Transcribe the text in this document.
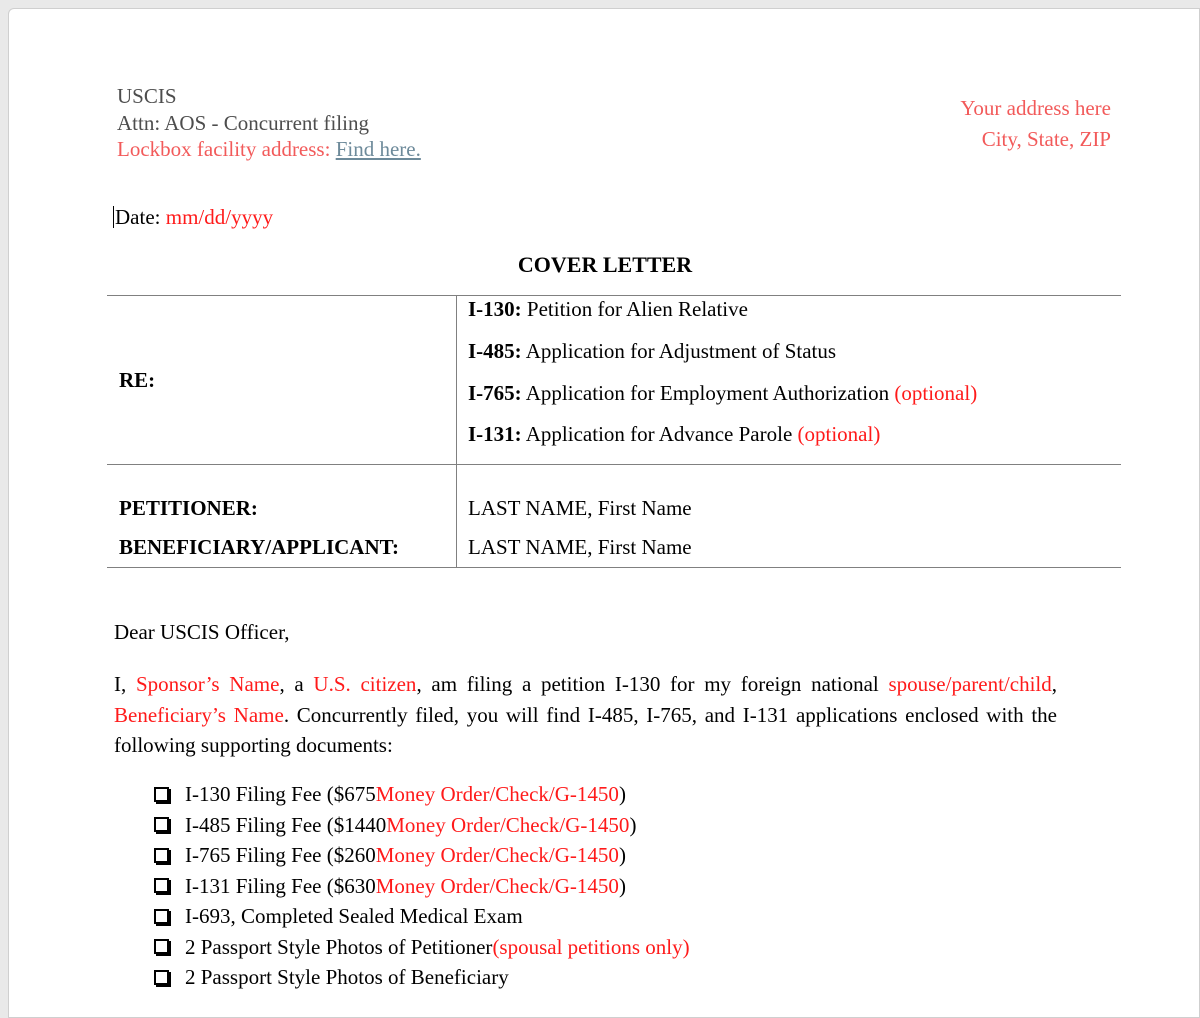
USCIS
Attn: AOS - Concurrent filing
Lockbox facility address: Find here.
Your address here
City, State, ZIP
Date: mm/dd/yyyy
COVER LETTER
RE:
I-130: Petition for Alien Relative
I-485: Application for Adjustment of Status
I-765: Application for Employment Authorization (optional)
I-131: Application for Advance Parole (optional)
PETITIONER:	LAST NAME, First Name
BENEFICIARY/APPLICANT:	LAST NAME, First Name
Dear USCIS Officer,
I, Sponsor’s Name, a U.S. citizen, am filing a petition I-130 for my foreign national spouse/parent/child, Beneficiary’s Name. Concurrently filed, you will find I-485, I-765, and I-131 applications enclosed with the following supporting documents:
I-130 Filing Fee ($675 Money Order/Check/G-1450 )
I-485 Filing Fee ($1440 Money Order/Check/G-1450 )
I-765 Filing Fee ($260 Money Order/Check/G-1450 )
I-131 Filing Fee ($630 Money Order/Check/G-1450 )
I-693, Completed Sealed Medical Exam
2 Passport Style Photos of Petitioner (spousal petitions only)
2 Passport Style Photos of Beneficiary
